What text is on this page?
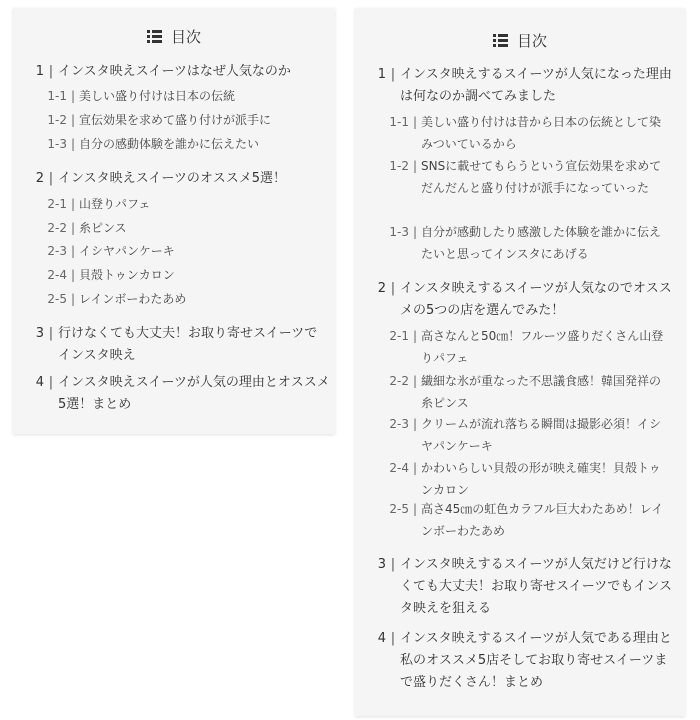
目次
1 | インスタ映えスイーツはなぜ人気なのか
1-1 | 美しい盛り付けは日本の伝統
1-2 | 宣伝効果を求めて盛り付けが派手に
1-3 | 自分の感動体験を誰かに伝えたい
2 | インスタ映えスイーツのオススメ5選！
2-1 | 山登りパフェ
2-2 | 糸ピンス
2-3 | イシヤパンケーキ
2-4 | 貝殻トゥンカロン
2-5 | レインボーわたあめ
3 | 行けなくても大丈夫！お取り寄せスイーツでインスタ映え
4 | インスタ映えスイーツが人気の理由とオススメ5選！まとめ
目次
1 | インスタ映えするスイーツが人気になった理由は何なのか調べてみました
1-1 | 美しい盛り付けは昔から日本の伝統として染みついているから
1-2 | SNSに載せてもらうという宣伝効果を求めてだんだんと盛り付けが派手になっていった
1-3 | 自分が感動したり感激した体験を誰かに伝えたいと思ってインスタにあげる
2 | インスタ映えするスイーツが人気なのでオススメの5つの店を選んでみた！
2-1 | 高さなんと50㎝！フルーツ盛りだくさん山登りパフェ
2-2 | 繊細な氷が重なった不思議食感！韓国発祥の糸ピンス
2-3 | クリームが流れ落ちる瞬間は撮影必須！イシヤパンケーキ
2-4 | かわいらしい貝殻の形が映え確実！貝殻トゥンカロン
2-5 | 高さ45㎝の虹色カラフル巨大わたあめ！レインボーわたあめ
3 | インスタ映えするスイーツが人気だけど行けなくても大丈夫！お取り寄せスイーツでもインスタ映えを狙える
4 | インスタ映えするスイーツが人気である理由と私のオススメ5店そしてお取り寄せスイーツまで盛りだくさん！まとめ
